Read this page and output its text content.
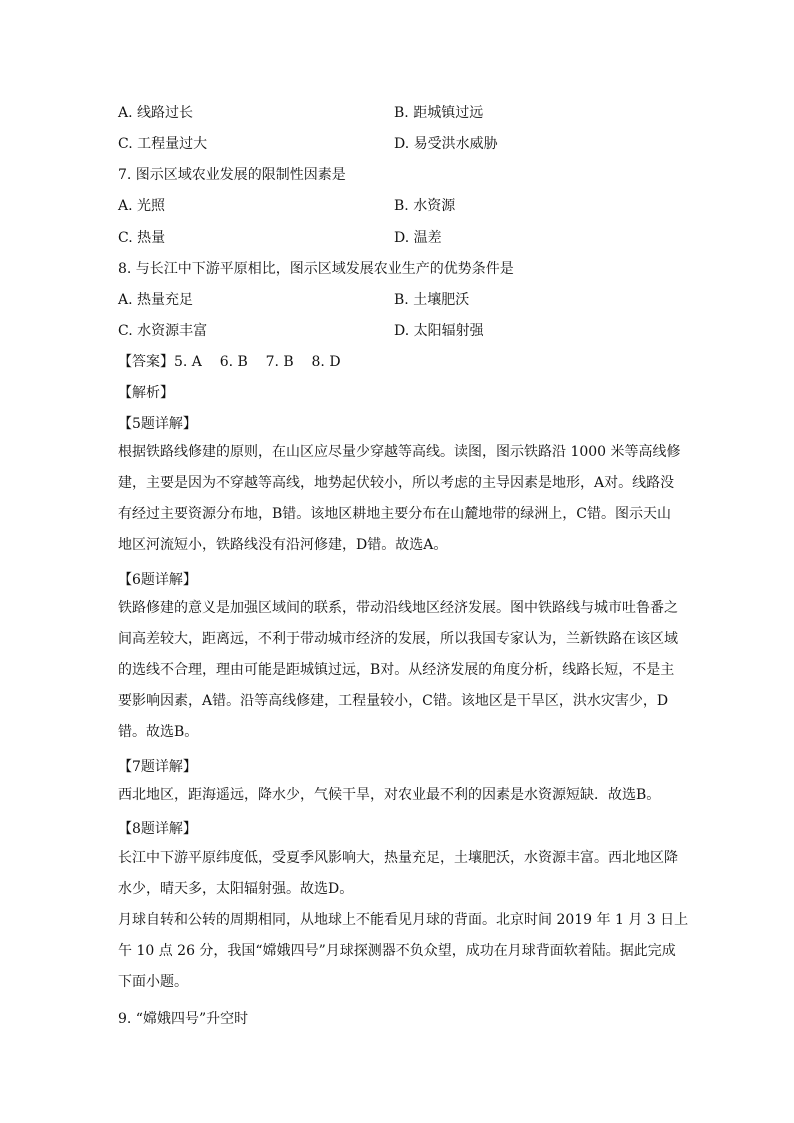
A. 线路过长	B. 距城镇过远
C. 工程量过大	D. 易受洪水威胁
7. 图示区域农业发展的限制性因素是
A. 光照	B. 水资源
C. 热量	D. 温差
8. 与长江中下游平原相比，图示区域发展农业生产的优势条件是
A. 热量充足	B. 土壤肥沃
C. 水资源丰富	D. 太阳辐射强
【答案】5. A    6. B    7. B    8. D
【解析】
【5题详解】
根据铁路线修建的原则，在山区应尽量少穿越等高线。读图，图示铁路沿 1000 米等高线修
建，主要是因为不穿越等高线，地势起伏较小，所以考虑的主导因素是地形，A对。线路没
有经过主要资源分布地，B错。该地区耕地主要分布在山麓地带的绿洲上，C错。图示天山
地区河流短小，铁路线没有沿河修建，D错。故选A。
【6题详解】
铁路修建的意义是加强区域间的联系，带动沿线地区经济发展。图中铁路线与城市吐鲁番之
间高差较大，距离远，不利于带动城市经济的发展，所以我国专家认为，兰新铁路在该区域
的选线不合理，理由可能是距城镇过远，B对。从经济发展的角度分析，线路长短，不是主
要影响因素，A错。沿等高线修建，工程量较小，C错。该地区是干旱区，洪水灾害少，D
错。故选B。
【7题详解】
西北地区，距海遥远，降水少，气候干旱，对农业最不利的因素是水资源短缺．故选B。
【8题详解】
长江中下游平原纬度低，受夏季风影响大，热量充足，土壤肥沃，水资源丰富。西北地区降
水少，晴天多，太阳辐射强。故选D。
月球自转和公转的周期相同，从地球上不能看见月球的背面。北京时间 2019 年 1 月 3 日上
午 10 点 26 分，我国“嫦娥四号”月球探测器不负众望，成功在月球背面软着陆。据此完成
下面小题。
9. “嫦娥四号”升空时
